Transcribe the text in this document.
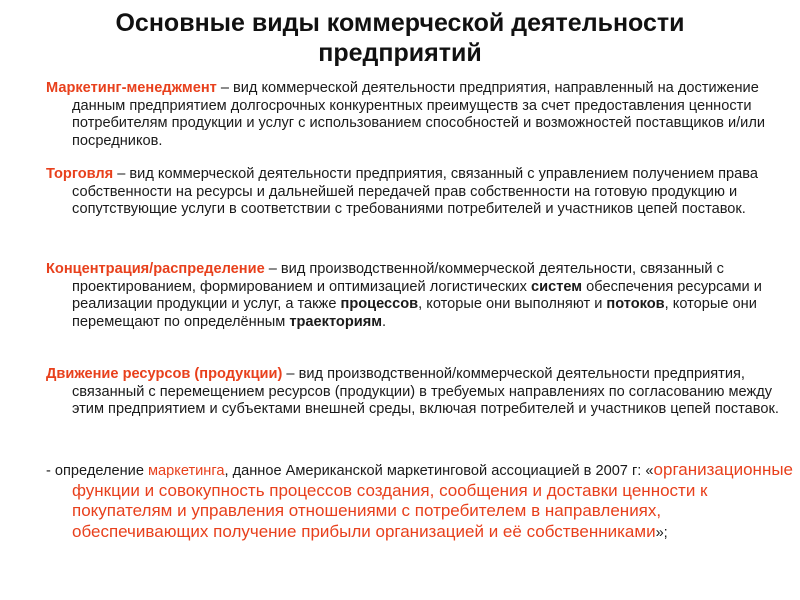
Основные виды коммерческой деятельности предприятий
Маркетинг-менеджмент – вид коммерческой деятельности предприятия, направленный на достижение данным предприятием долгосрочных конкурентных преимуществ за счет предоставления ценности потребителям продукции и услуг с использованием способностей и возможностей поставщиков и/или посредников.
Торговля – вид коммерческой деятельности предприятия, связанный с управлением получением права собственности на ресурсы и дальнейшей передачей прав собственности на готовую продукцию и сопутствующие услуги в соответствии с требованиями потребителей и участников цепей поставок.
Концентрация/распределение – вид производственной/коммерческой деятельности, связанный с проектированием, формированием и оптимизацией логистических систем обеспечения ресурсами и реализации продукции и услуг, а также процессов, которые они выполняют и потоков, которые они перемещают по определённым траекториям.
Движение ресурсов (продукции) – вид производственной/коммерческой деятельности предприятия, связанный с перемещением ресурсов (продукции) в требуемых направлениях по согласованию между этим предприятием и субъектами внешней среды, включая потребителей и участников цепей поставок.
- определение маркетинга, данное Американской маркетинговой ассоциацией в 2007 г: «организационные функции и совокупность процессов создания, сообщения и доставки ценности к покупателям и управления отношениями с потребителем в направлениях, обеспечивающих получение прибыли организацией и её собственниками»;
